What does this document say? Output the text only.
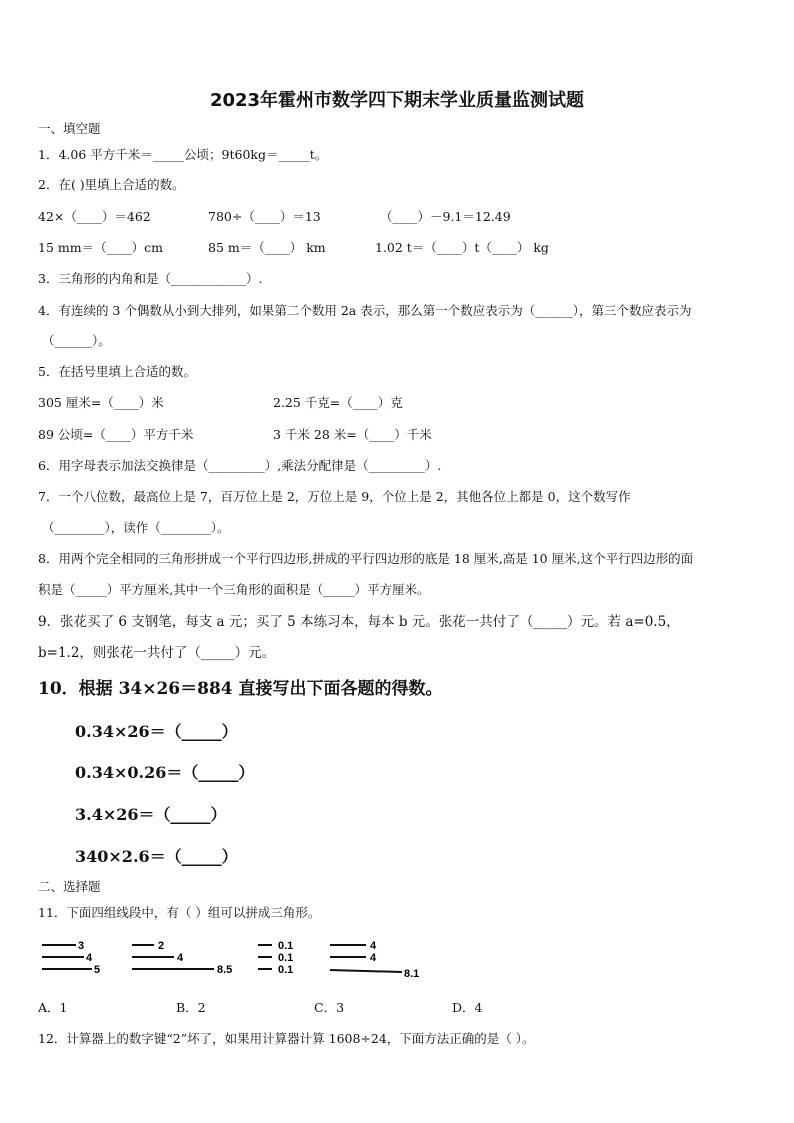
2023年霍州市数学四下期末学业质量监测试题
一、填空题
1．4.06 平方千米＝_____公顷；9t60kg＝_____t。
2．在( )里填上合适的数。
42×（____）＝462	780÷（____）＝13	（____）－9.1＝12.49
15 mm＝（____）cm	85 m＝（____） km	1.02 t＝（____）t（____） kg
3．三角形的内角和是（____________）.
4．有连续的 3 个偶数从小到大排列，如果第二个数用 2a 表示，那么第一个数应表示为（______），第三个数应表示为
（______）。
5．在括号里填上合适的数。
305 厘米=（____）米	2.25 千克=（____）克
89 公顷=（____）平方千米	3 千米 28 米=（____）千米
6．用字母表示加法交换律是（_________）,乘法分配律是（_________）.
7．一个八位数，最高位上是 7，百万位上是 2，万位上是 9，个位上是 2，其他各位上都是 0，这个数写作
（________），读作（________）。
8．用两个完全相同的三角形拼成一个平行四边形,拼成的平行四边形的底是 18 厘米,高是 10 厘米,这个平行四边形的面
积是（_____）平方厘米,其中一个三角形的面积是（_____）平方厘米。
9．张花买了 6 支钢笔，每支 a 元；买了 5 本练习本，每本 b 元。张花一共付了（_____）元。若 a=0.5，
b=1.2，则张花一共付了（_____）元。
10．根据 34×26＝884 直接写出下面各题的得数。
0.34×26＝（_____）
0.34×0.26＝（_____）
3.4×26＝（_____）
340×2.6＝（_____）
二、选择题
11．下面四组线段中，有（ ）组可以拼成三角形。
3
4
5
2
4
8.5
0.1
0.1
0.1
4
4
8.1
A．1	B．2	C．3	D．4
12．计算器上的数字键“2”坏了，如果用计算器计算 1608÷24，下面方法正确的是（ ）。
